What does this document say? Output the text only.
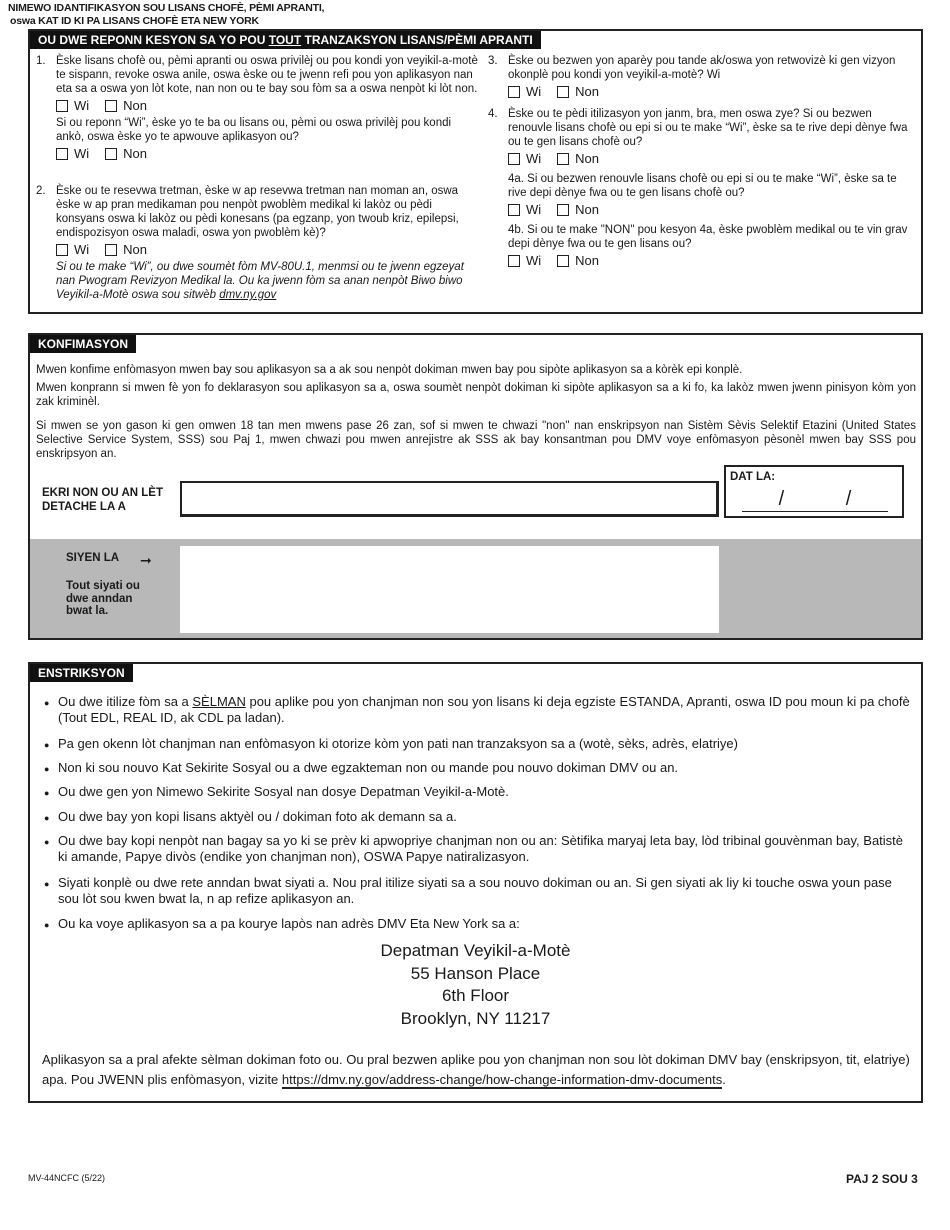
NIMEWO IDANTIFIKASYON SOU LISANS CHOFÈ, PÈMI APRANTI,
oswa KAT ID KI PA LISANS CHOFÈ ETA NEW YORK
OU DWE REPONN KESYON SA YO POU TOUT TRANZAKSYON LISANS/PÈMI APRANTI
1. Èske lisans chofè ou, pèmi apranti ou oswa privilèj ou pou kondi yon veyikil-a-motè te sispann, revoke oswa anile, oswa èske ou te jwenn refi pou yon aplikasyon nan eta sa a oswa yon lòt kote, nan non ou te bay sou fòm sa a oswa nenpòt ki lòt non.
Wi	Non
Si ou reponn “Wi”, èske yo te ba ou lisans ou, pèmi ou oswa privilèj pou kondi ankò, oswa èske yo te apwouve aplikasyon ou?
Wi	Non
2. Èske ou te resevwa tretman, èske w ap resevwa tretman nan moman an, oswa èske w ap pran medikaman pou nenpòt pwoblèm medikal ki lakòz ou pèdi konsyans oswa ki lakòz ou pèdi konesans (pa egzanp, yon twoub kriz, epilepsi, endispozisyon oswa maladi, oswa yon pwoblèm kè)?
Wi	Non
Si ou te make “Wi”, ou dwe soumèt fòm MV-80U.1, menmsi ou te jwenn egzeyat nan Pwogram Revizyon Medikal la. Ou ka jwenn fòm sa anan nenpòt Biwo biwo Veyikil-a-Motè oswa sou sitwèb dmv.ny.gov
3. Èske ou bezwen yon aparèy pou tande ak/oswa yon retwovizè ki gen vizyon okonplè pou kondi yon veyikil-a-motè? Wi
Wi	Non
4. Èske ou te pèdi itilizasyon yon janm, bra, men oswa zye? Si ou bezwen renouvle lisans chofè ou epi si ou te make “Wi”, èske sa te rive depi dènye fwa ou te gen lisans chofè ou?
Wi	Non
4a. Si ou bezwen renouvle lisans chofè ou epi si ou te make “Wi”, èske sa te rive depi dènye fwa ou te gen lisans chofè ou?
Wi	Non
4b. Si ou te make "NON" pou kesyon 4a, èske pwoblèm medikal ou te vin grav depi dènye fwa ou te gen lisans ou?
Wi	Non
KONFIMASYON
Mwen konfime enfòmasyon mwen bay sou aplikasyon sa a ak sou nenpòt dokiman mwen bay pou sipòte aplikasyon sa a kòrèk epi konplè.
Mwen konprann si mwen fè yon fo deklarasyon sou aplikasyon sa a, oswa soumèt nenpòt dokiman ki sipòte aplikasyon sa a ki fo, ka lakòz mwen jwenn pinisyon kòm yon zak kriminèl.
Si mwen se yon gason ki gen omwen 18 tan men mwens pase 26 zan, sof si mwen te chwazi "non" nan enskripsyon nan Sistèm Sèvis Selektif Etazini (United States Selective Service System, SSS) sou Paj 1, mwen chwazi pou mwen anrejistre ak SSS ak bay konsantman pou DMV voye enfòmasyon pèsonèl mwen bay SSS pou enskripsyon an.
EKRI NON OU AN LÈT
DETACHE LA A
DAT LA:
/ /
SIYEN LA ➞
Tout siyati ou dwe anndan bwat la.
ENSTRIKSYON
● Ou dwe itilize fòm sa a SÈLMAN pou aplike pou yon chanjman non sou yon lisans ki deja egziste ESTANDA, Apranti, oswa ID pou moun ki pa chofè (Tout EDL, REAL ID, ak CDL pa ladan).
● Pa gen okenn lòt chanjman nan enfòmasyon ki otorize kòm yon pati nan tranzaksyon sa a (wotè, sèks, adrès, elatriye)
● Non ki sou nouvo Kat Sekirite Sosyal ou a dwe egzakteman non ou mande pou nouvo dokiman DMV ou an.
● Ou dwe gen yon Nimewo Sekirite Sosyal nan dosye Depatman Veyikil-a-Motè.
● Ou dwe bay yon kopi lisans aktyèl ou / dokiman foto ak demann sa a.
● Ou dwe bay kopi nenpòt nan bagay sa yo ki se prèv ki apwopriye chanjman non ou an: Sètifika maryaj leta bay, lòd tribinal gouvènman bay, Batistè ki amande, Papye divòs (endike yon chanjman non), OSWA Papye natiralizasyon.
● Siyati konplè ou dwe rete anndan bwat siyati a. Nou pral itilize siyati sa a sou nouvo dokiman ou an. Si gen siyati ak liy ki touche oswa youn pase sou lòt sou kwen bwat la, n ap refize aplikasyon an.
● Ou ka voye aplikasyon sa a pa kourye lapòs nan adrès DMV Eta New York sa a:
Depatman Veyikil-a-Motè
55 Hanson Place
6th Floor
Brooklyn, NY 11217
Aplikasyon sa a pral afekte sèlman dokiman foto ou. Ou pral bezwen aplike pou yon chanjman non sou lòt dokiman DMV bay (enskripsyon, tit, elatriye) apa. Pou JWENN plis enfòmasyon, vizite https://dmv.ny.gov/address-change/how-change-information-dmv-documents.
MV-44NCFC (5/22)	PAJ 2 SOU 3
